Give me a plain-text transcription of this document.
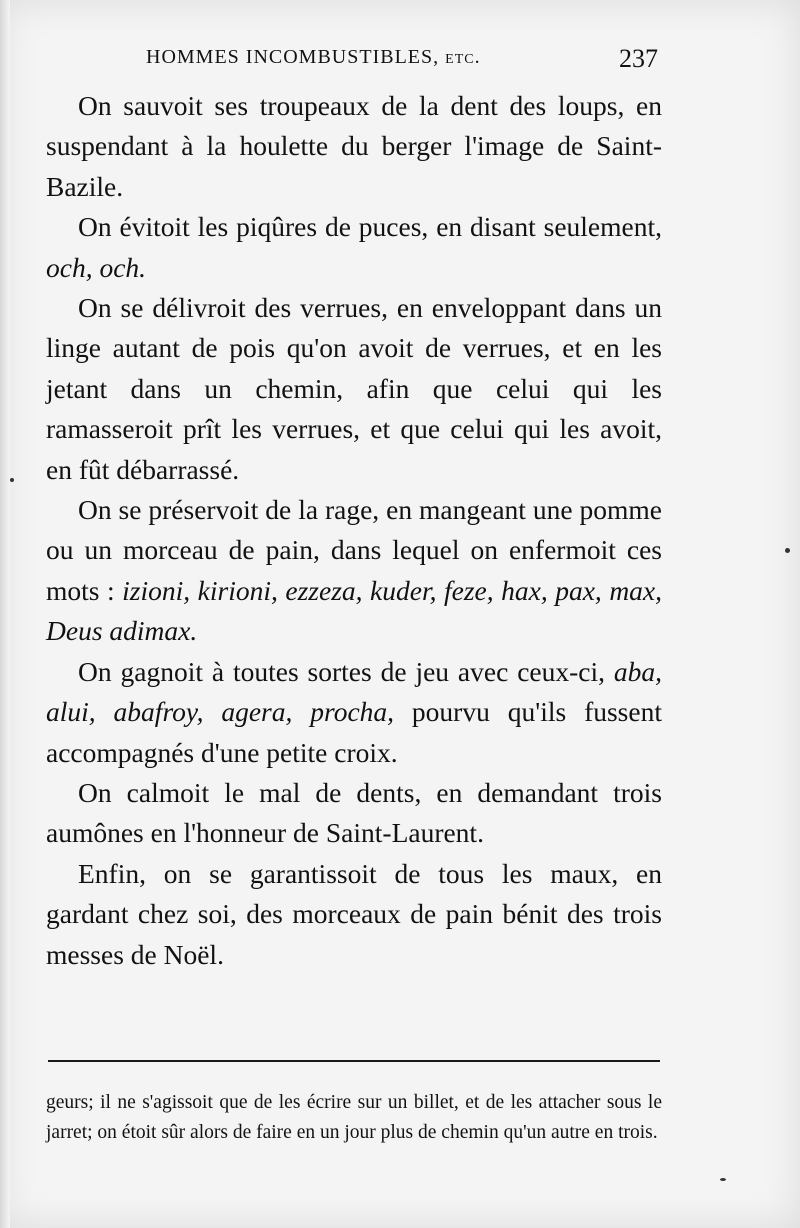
HOMMES INCOMBUSTIBLES, etc.	237

On sauvoit ses troupeaux de la dent des loups, en suspendant à la houlette du berger l'image de Saint-Bazile.

On évitoit les piqûres de puces, en disant seulement, och, och.

On se délivroit des verrues, en enveloppant dans un linge autant de pois qu'on avoit de verrues, et en les jetant dans un chemin, afin que celui qui les ramasseroit prît les verrues, et que celui qui les avoit, en fût débarrassé.

On se préservoit de la rage, en mangeant une pomme ou un morceau de pain, dans lequel on enfermoit ces mots : izioni, kirioni, ezzeza, kuder, feze, hax, pax, max, Deus adimax.

On gagnoit à toutes sortes de jeu avec ceux-ci, aba, alui, abafroy, agera, procha, pourvu qu'ils fussent accompagnés d'une petite croix.

On calmoit le mal de dents, en demandant trois aumônes en l'honneur de Saint-Laurent.

Enfin, on se garantissoit de tous les maux, en gardant chez soi, des morceaux de pain bénit des trois messes de Noël.

geurs; il ne s'agissoit que de les écrire sur un billet, et de les attacher sous le jarret; on étoit sûr alors de faire en un jour plus de chemin qu'un autre en trois.
